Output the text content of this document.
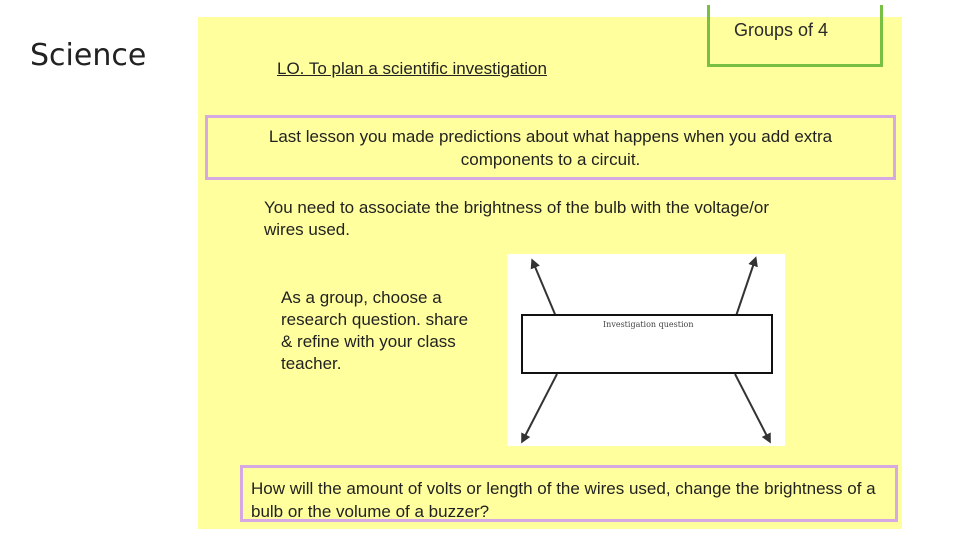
Science
Groups of 4
LO. To plan a scientific investigation
Last lesson you made predictions about what happens when you add extra components to a circuit.
You need to associate the brightness of the bulb with the voltage/or wires used.
As a group, choose a research question. share & refine with your class teacher.
Investigation question
How will the amount of volts or length of the wires used, change the brightness of a bulb or the volume of a buzzer?
